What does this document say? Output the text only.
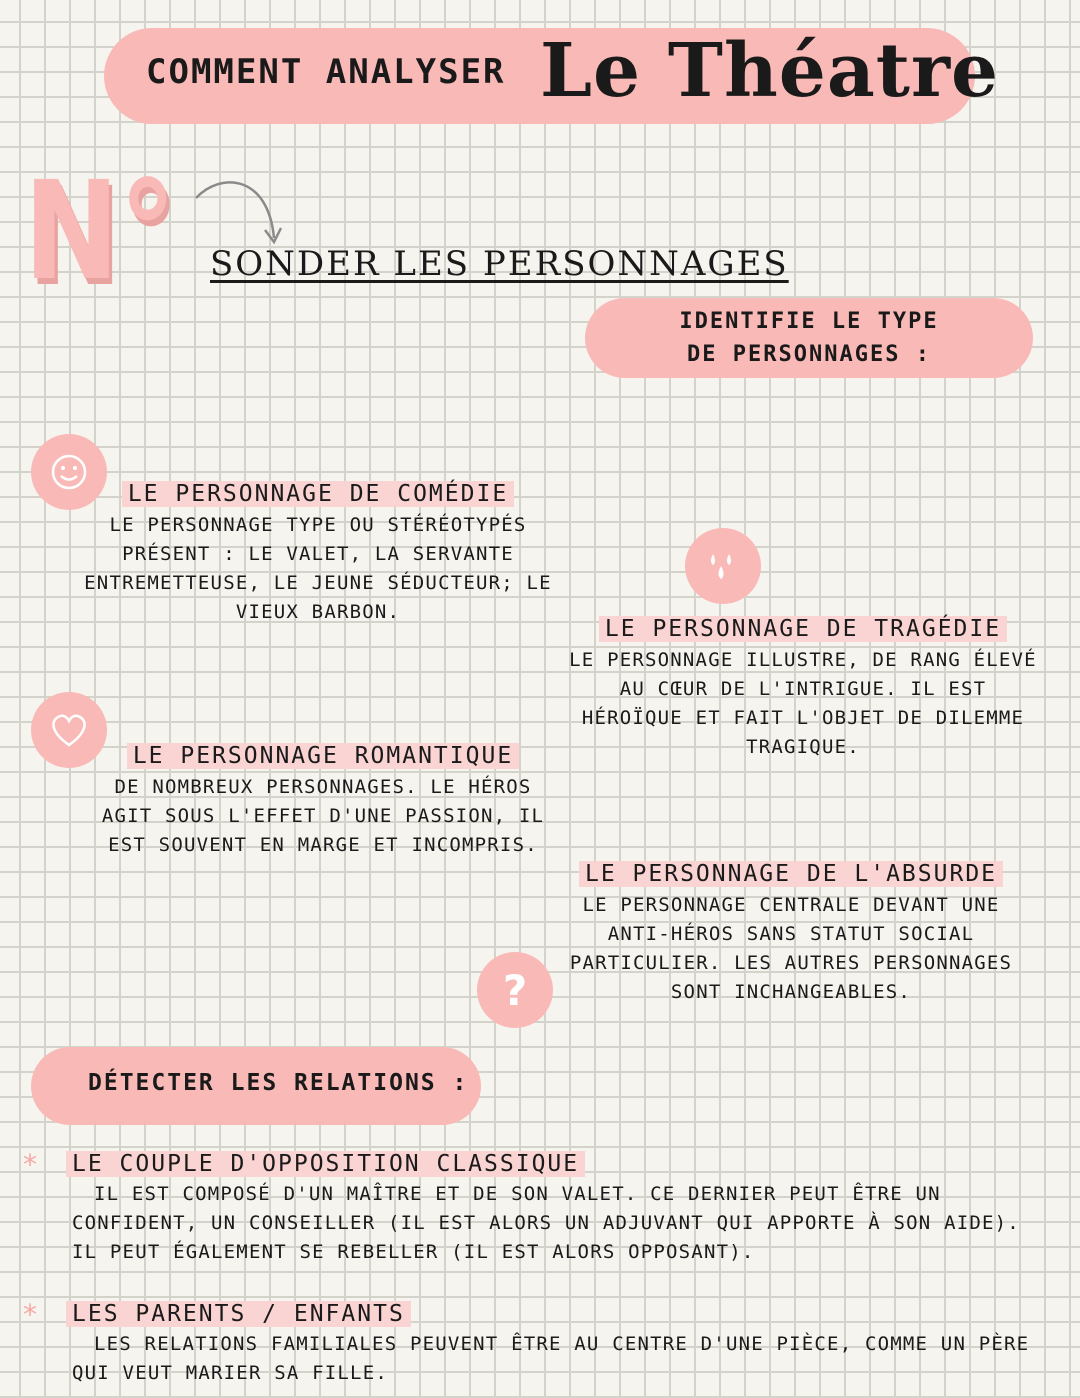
COMMENT ANALYSER Le Théatre
N°
N° SONDER LES PERSONNAGES
IDENTIFIE LE TYPE DE PERSONNAGES :
LE PERSONNAGE DE COMÉDIE
LE PERSONNAGE TYPE OU STÉRÉOTYPÉS PRÉSENT : LE VALET, LA SERVANTE ENTREMETTEUSE, LE JEUNE SÉDUCTEUR; LE VIEUX BARBON.
LE PERSONNAGE DE TRAGÉDIE
LE PERSONNAGE ILLUSTRE, DE RANG ÉLEVÉ AU CŒUR DE L'INTRIGUE. IL EST HÉROÏQUE ET FAIT L'OBJET DE DILEMME TRAGIQUE.
LE PERSONNAGE ROMANTIQUE
DE NOMBREUX PERSONNAGES. LE HÉROS AGIT SOUS L'EFFET D'UNE PASSION, IL EST SOUVENT EN MARGE ET INCOMPRIS.
?
LE PERSONNAGE DE L'ABSURDE
LE PERSONNAGE CENTRALE DEVANT UNE ANTI-HÉROS SANS STATUT SOCIAL PARTICULIER. LES AUTRES PERSONNAGES SONT INCHANGEABLES.
DÉTECTER LES RELATIONS :
* LE COUPLE D'OPPOSITION CLASSIQUE
IL EST COMPOSÉ D'UN MAÎTRE ET DE SON VALET. CE DERNIER PEUT ÊTRE UN CONFIDENT, UN CONSEILLER (IL EST ALORS UN ADJUVANT QUI APPORTE À SON AIDE). IL PEUT ÉGALEMENT SE REBELLER (IL EST ALORS OPPOSANT).
* LES PARENTS / ENFANTS
LES RELATIONS FAMILIALES PEUVENT ÊTRE AU CENTRE D'UNE PIÈCE, COMME UN PÈRE QUI VEUT MARIER SA FILLE.
